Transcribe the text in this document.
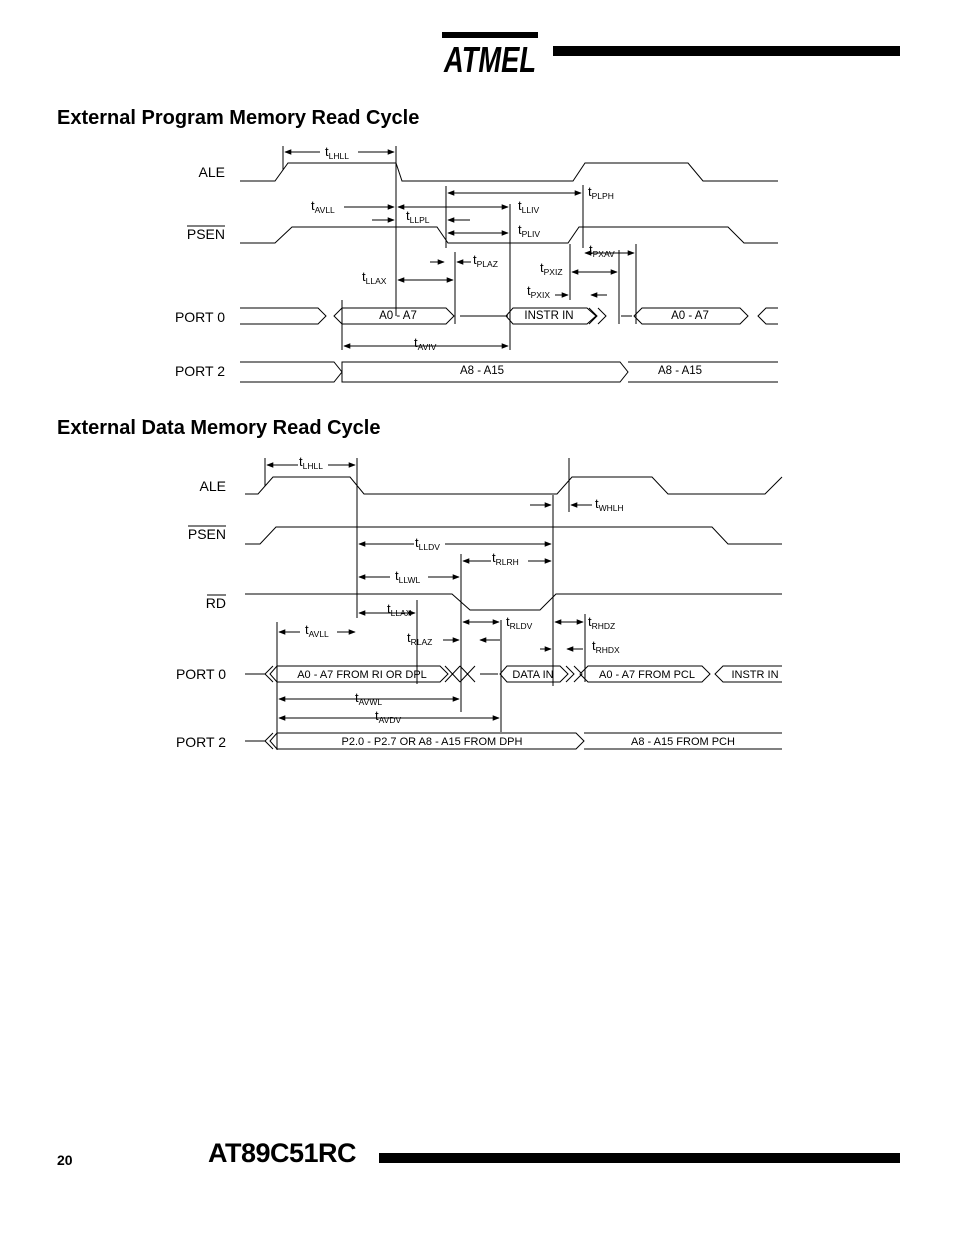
ATMEL
External Program Memory Read Cycle
ALE
PSEN
PORT 0
PORT 2
A0 - A7	INSTR IN	A0 - A7
A8 - A15	A8 - A15
$t_{LHLL}$
$t_{PLPH}$
$t_{AVLL}$	$t_{LLIV}$
$t_{LLPL}$
$t_{PLIV}$
$t_{PXAV}$
$t_{PLAZ}$	$t_{PXIZ}$
$t_{LLAX}$
$t_{PXIX}$
$t_{AVIV}$
External Data Memory Read Cycle
ALE
PSEN
RD
PORT 0
PORT 2
A0 - A7 FROM RI OR DPL	DATA IN	A0 - A7 FROM PCL	INSTR IN
P2.0 - P2.7 OR A8 - A15 FROM DPH	A8 - A15 FROM PCH
$t_{LHLL}$
$t_{WHLH}$
$t_{LLDV}$
$t_{RLRH}$
$t_{LLWL}$
$t_{LLAX}$
$t_{RLDV}$	$t_{RHDZ}$
$t_{AVLL}$	$t_{RLAZ}$	$t_{RHDX}$
$t_{AVWL}$
$t_{AVDV}$
20	AT89C51RC
